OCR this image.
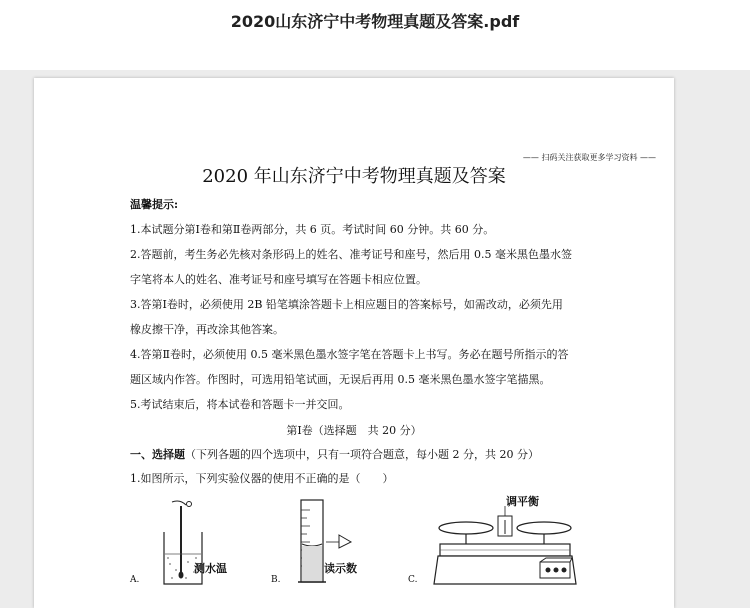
2020山东济宁中考物理真题及答案.pdf
—— 扫码关注获取更多学习资料 ——
2020 年山东济宁中考物理真题及答案
温馨提示:
1.本试题分第Ⅰ卷和第Ⅱ卷两部分，共 6 页。考试时间 60 分钟。共 60 分。
2.答题前，考生务必先核对条形码上的姓名、准考证号和座号，然后用 0.5 毫米黑色墨水签
字笔将本人的姓名、准考证号和座号填写在答题卡相应位置。
3.答第Ⅰ卷时，必须使用 2B 铅笔填涂答题卡上相应题目的答案标号，如需改动，必须先用
橡皮擦干净，再改涂其他答案。
4.答第Ⅱ卷时，必须使用 0.5 毫米黑色墨水签字笔在答题卡上书写。务必在题号所指示的答
题区域内作答。作图时，可选用铅笔试画，无误后再用 0.5 毫米黑色墨水签字笔描黑。
5.考试结束后，将本试卷和答题卡一并交回。
第Ⅰ卷（选择题　共 20 分）
一、选择题（下列各题的四个选项中，只有一项符合题意，每小题 2 分，共 20 分）
1.如图所示，下列实验仪器的使用不正确的是（　　）
测水温
A.
读示数
B.
调平衡
C.
